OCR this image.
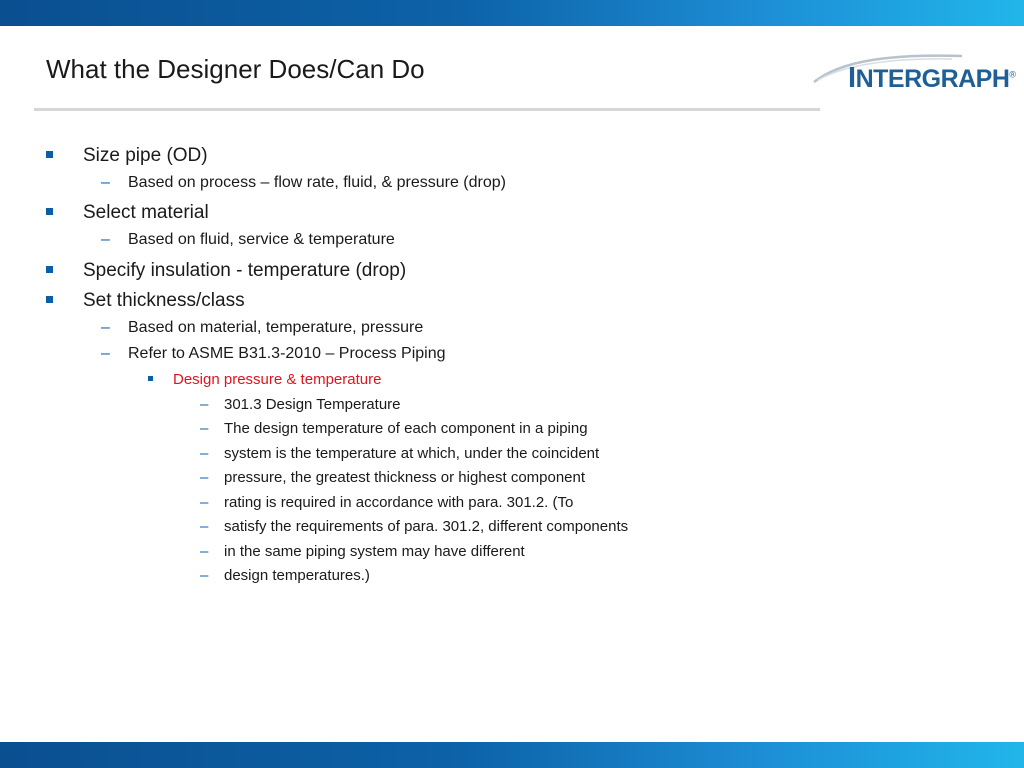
What the Designer Does/Can Do	INTERGRAPH®
Size pipe (OD)
– Based on process – flow rate, fluid, & pressure (drop)
Select material
– Based on fluid, service & temperature
Specify insulation - temperature (drop)
Set thickness/class
– Based on material, temperature, pressure
– Refer to ASME B31.3-2010 – Process Piping
Design pressure & temperature
– 301.3 Design Temperature
– The design temperature of each component in a piping
– system is the temperature at which, under the coincident
– pressure, the greatest thickness or highest component
– rating is required in accordance with para. 301.2. (To
– satisfy the requirements of para. 301.2, different components
– in the same piping system may have different
– design temperatures.)
